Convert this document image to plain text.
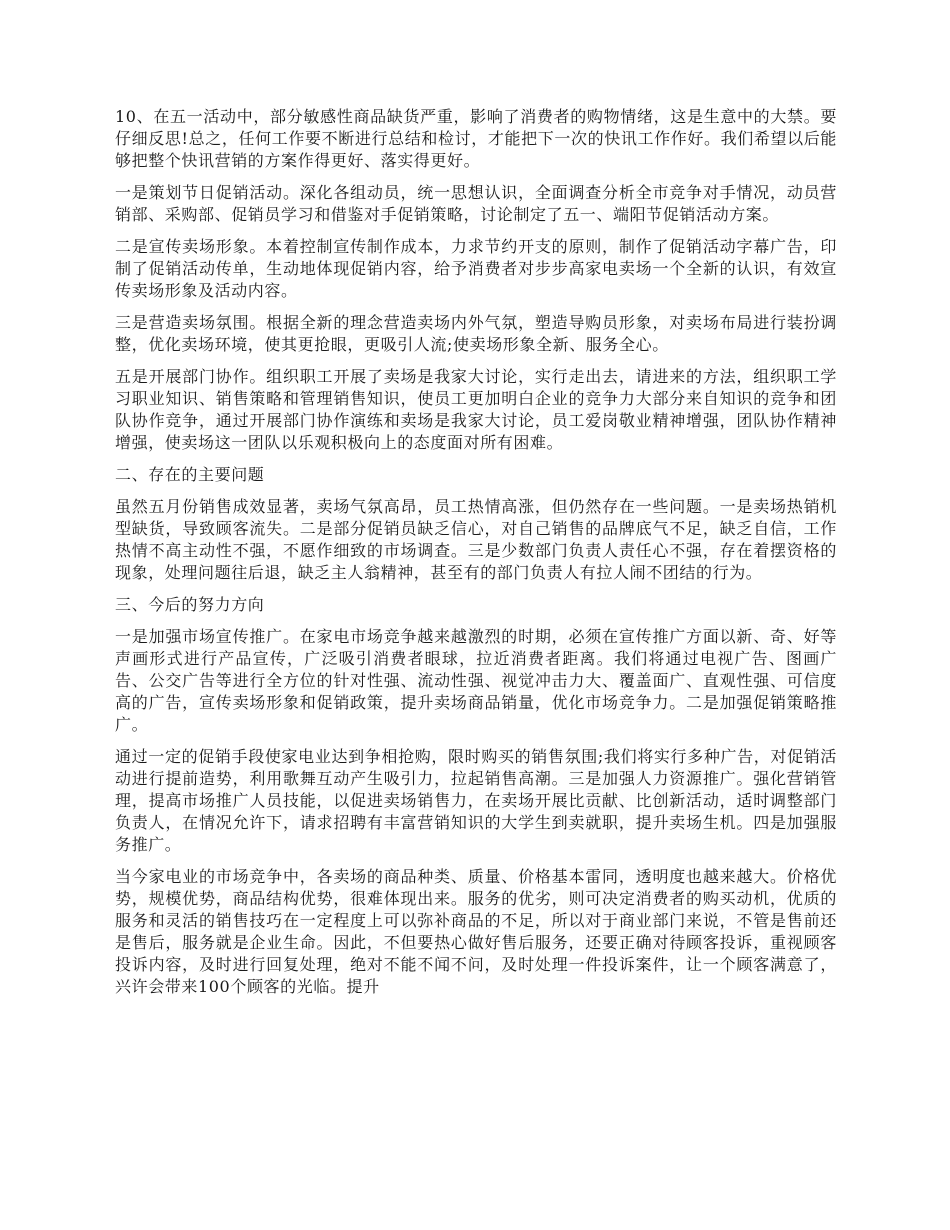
10、在五一活动中，部分敏感性商品缺货严重，影响了消费者的购物情绪，这是生意中的大禁。要仔细反思!总之，任何工作要不断进行总结和检讨，才能把下一次的快讯工作作好。我们希望以后能够把整个快讯营销的方案作得更好、落实得更好。

一是策划节日促销活动。深化各组动员，统一思想认识，全面调查分析全市竞争对手情况，动员营销部、采购部、促销员学习和借鉴对手促销策略，讨论制定了五一、端阳节促销活动方案。

二是宣传卖场形象。本着控制宣传制作成本，力求节约开支的原则，制作了促销活动字幕广告，印制了促销活动传单，生动地体现促销内容，给予消费者对步步高家电卖场一个全新的认识，有效宣传卖场形象及活动内容。

三是营造卖场氛围。根据全新的理念营造卖场内外气氛，塑造导购员形象，对卖场布局进行装扮调整，优化卖场环境，使其更抢眼，更吸引人流;使卖场形象全新、服务全心。

五是开展部门协作。组织职工开展了卖场是我家大讨论，实行走出去，请进来的方法，组织职工学习职业知识、销售策略和管理销售知识，使员工更加明白企业的竞争力大部分来自知识的竞争和团队协作竞争，通过开展部门协作演练和卖场是我家大讨论，员工爱岗敬业精神增强，团队协作精神增强，使卖场这一团队以乐观积极向上的态度面对所有困难。

二、存在的主要问题

虽然五月份销售成效显著，卖场气氛高昂，员工热情高涨，但仍然存在一些问题。一是卖场热销机型缺货，导致顾客流失。二是部分促销员缺乏信心，对自己销售的品牌底气不足，缺乏自信，工作热情不高主动性不强，不愿作细致的市场调查。三是少数部门负责人责任心不强，存在着摆资格的现象，处理问题往后退，缺乏主人翁精神，甚至有的部门负责人有拉人闹不团结的行为。

三、今后的努力方向

一是加强市场宣传推广。在家电市场竞争越来越激烈的时期，必须在宣传推广方面以新、奇、好等声画形式进行产品宣传，广泛吸引消费者眼球，拉近消费者距离。我们将通过电视广告、图画广告、公交广告等进行全方位的针对性强、流动性强、视觉冲击力大、覆盖面广、直观性强、可信度高的广告，宣传卖场形象和促销政策，提升卖场商品销量，优化市场竞争力。二是加强促销策略推广。

通过一定的促销手段使家电业达到争相抢购，限时购买的销售氛围;我们将实行多种广告，对促销活动进行提前造势，利用歌舞互动产生吸引力，拉起销售高潮。三是加强人力资源推广。强化营销管理，提高市场推广人员技能，以促进卖场销售力，在卖场开展比贡献、比创新活动，适时调整部门负责人，在情况允许下，请求招聘有丰富营销知识的大学生到卖就职，提升卖场生机。四是加强服务推广。

当今家电业的市场竞争中，各卖场的商品种类、质量、价格基本雷同，透明度也越来越大。价格优势，规模优势，商品结构优势，很难体现出来。服务的优劣，则可决定消费者的购买动机，优质的服务和灵活的销售技巧在一定程度上可以弥补商品的不足，所以对于商业部门来说，不管是售前还是售后，服务就是企业生命。因此，不但要热心做好售后服务，还要正确对待顾客投诉，重视顾客投诉内容，及时进行回复处理，绝对不能不闻不问，及时处理一件投诉案件，让一个顾客满意了，兴许会带来100个顾客的光临。提升
